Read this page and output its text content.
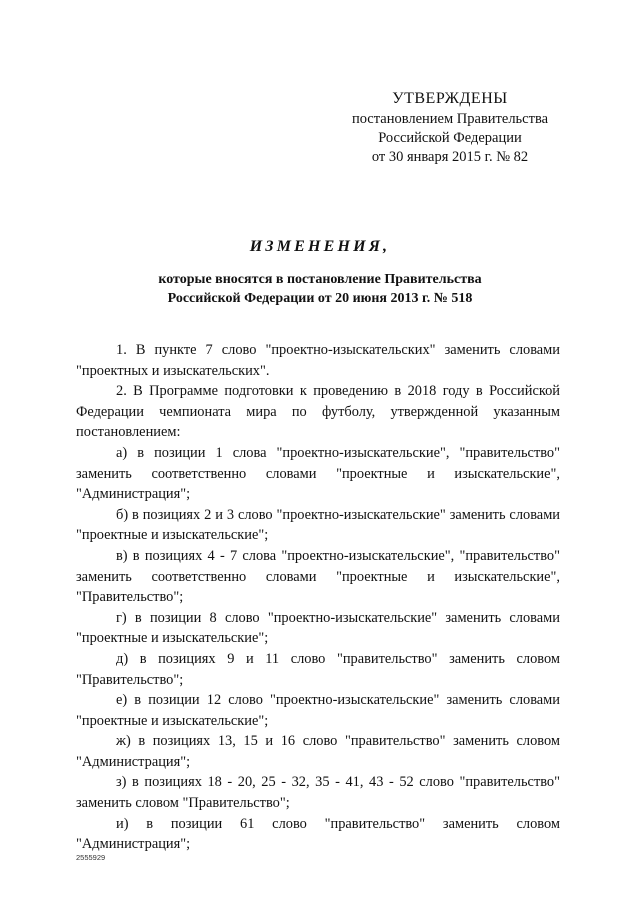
УТВЕРЖДЕНЫ
постановлением Правительства
Российской Федерации
от 30 января 2015 г. № 82
ИЗМЕНЕНИЯ,
которые вносятся в постановление Правительства
Российской Федерации от 20 июня 2013 г. № 518

1. В пункте 7 слово "проектно-изыскательских" заменить словами "проектных и изыскательских".

2. В Программе подготовки к проведению в 2018 году в Российской Федерации чемпионата мира по футболу, утвержденной указанным постановлением:

а) в позиции 1 слова "проектно-изыскательские", "правительство" заменить соответственно словами "проектные и изыскательские", "Администрация";

б) в позициях 2 и 3 слово "проектно-изыскательские" заменить словами "проектные и изыскательские";

в) в позициях 4 - 7 слова "проектно-изыскательские", "правительство" заменить соответственно словами "проектные и изыскательские", "Правительство";

г) в позиции 8 слово "проектно-изыскательские" заменить словами "проектные и изыскательские";

д) в позициях 9 и 11 слово "правительство" заменить словом "Правительство";

е) в позиции 12 слово "проектно-изыскательские" заменить словами "проектные и изыскательские";

ж) в позициях 13, 15 и 16 слово "правительство" заменить словом "Администрация";

з) в позициях 18 - 20, 25 - 32, 35 - 41, 43 - 52 слово "правительство" заменить словом "Правительство";

и) в позиции 61 слово "правительство" заменить словом "Администрация";

2555929
